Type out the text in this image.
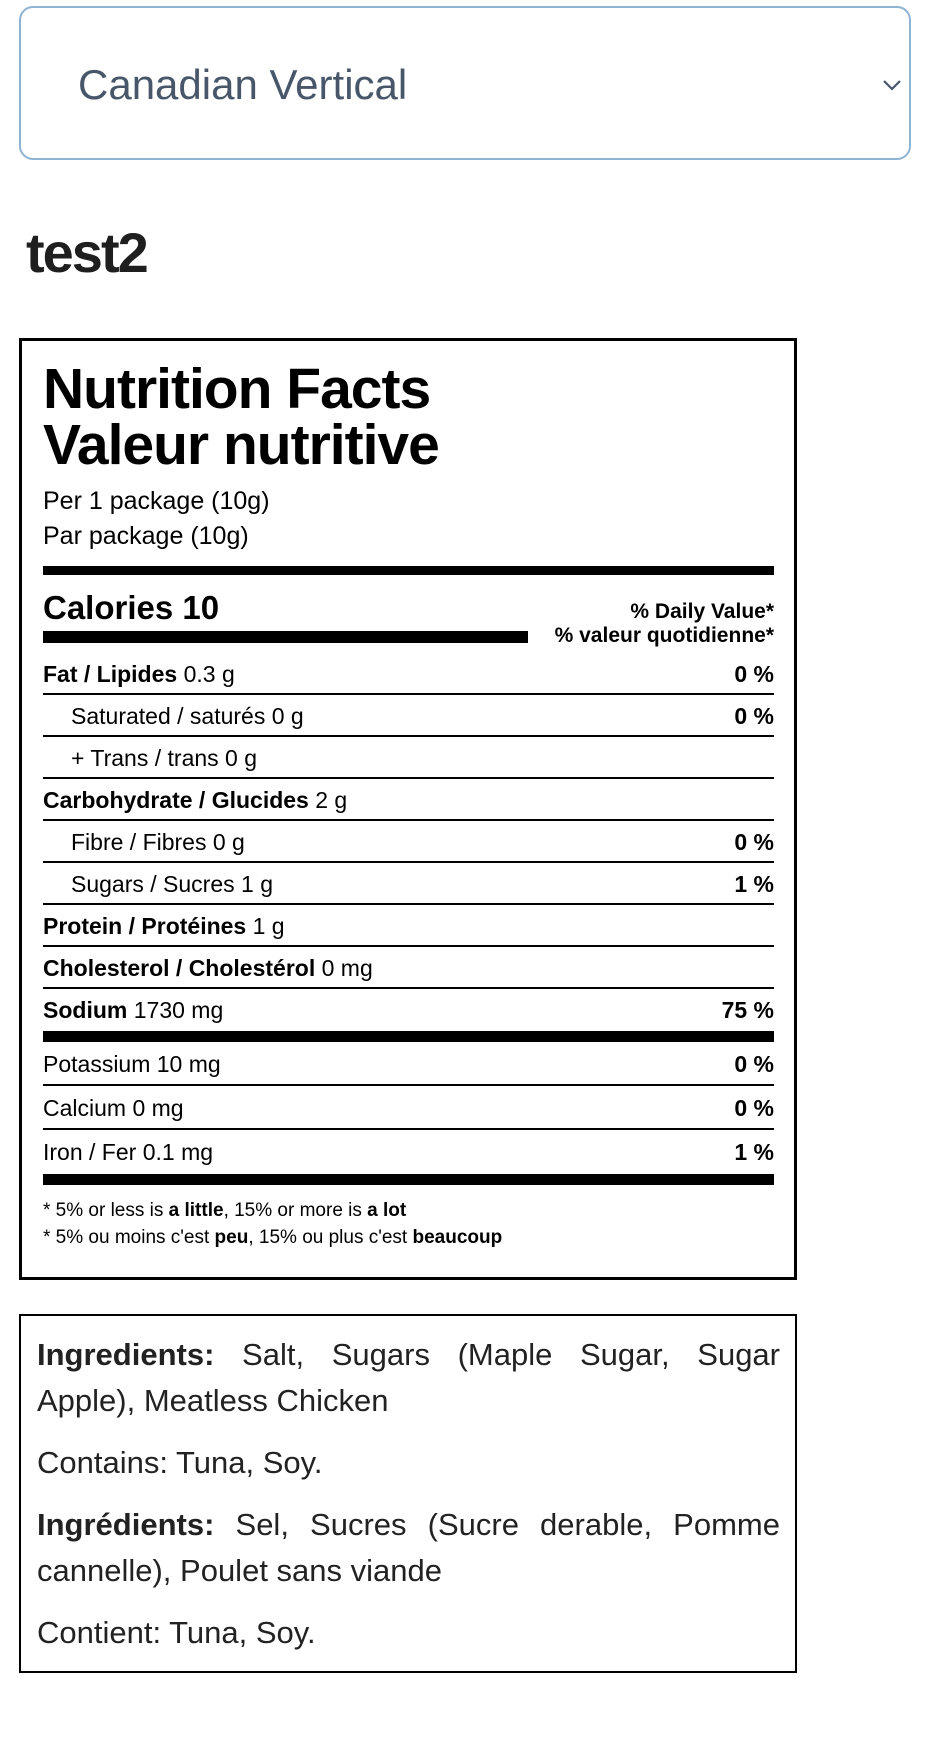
Canadian Vertical
test2
Nutrition Facts
Valeur nutritive
Per 1 package (10g)
Par package (10g)
Calories 10	% Daily Value*
% valeur quotidienne*
Fat / Lipides 0.3 g	0 %
Saturated / saturés 0 g	0 %
+ Trans / trans 0 g
Carbohydrate / Glucides 2 g
Fibre / Fibres 0 g	0 %
Sugars / Sucres 1 g	1 %
Protein / Protéines 1 g
Cholesterol / Cholestérol 0 mg
Sodium 1730 mg	75 %
Potassium 10 mg	0 %
Calcium 0 mg	0 %
Iron / Fer 0.1 mg	1 %
* 5% or less is a little, 15% or more is a lot
* 5% ou moins c'est peu, 15% ou plus c'est beaucoup

Ingredients: Salt, Sugars (Maple Sugar, Sugar Apple), Meatless Chicken

Contains: Tuna, Soy.

Ingrédients: Sel, Sucres (Sucre derable, Pomme cannelle), Poulet sans viande

Contient: Tuna, Soy.
